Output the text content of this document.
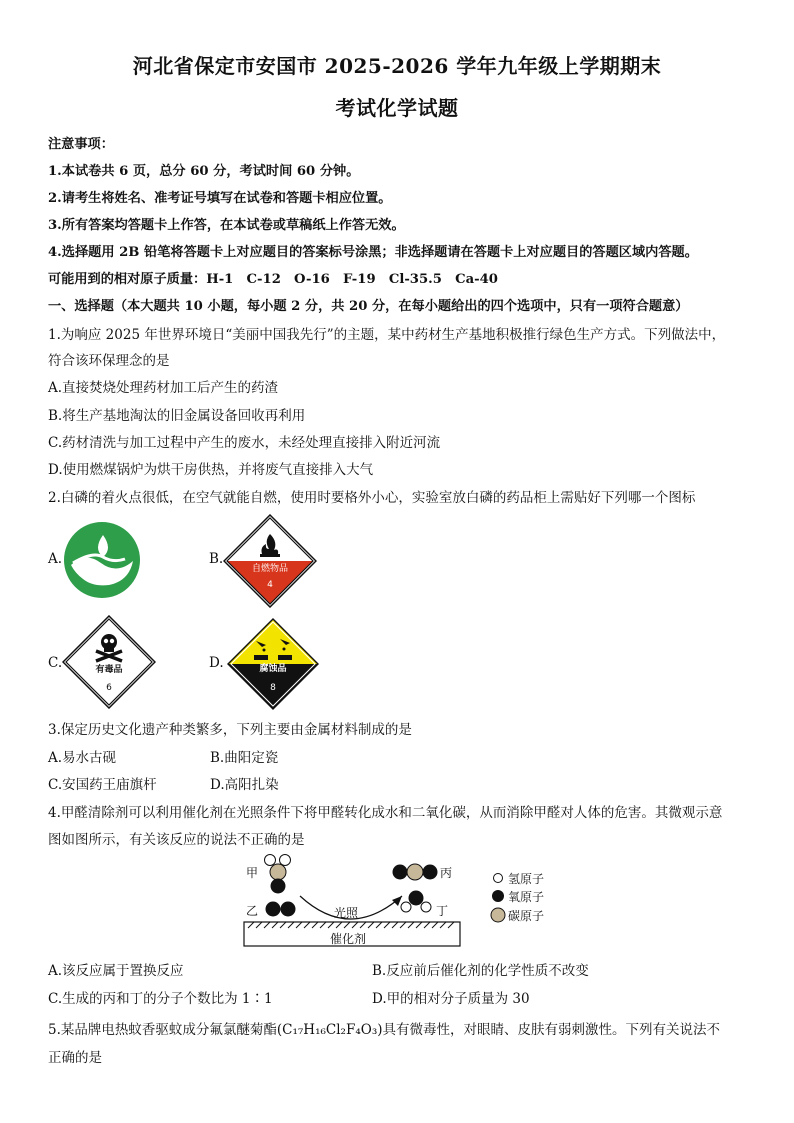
河北省保定市安国市 2025-2026 学年九年级上学期期末
考试化学试题
注意事项：
1.本试卷共 6 页，总分 60 分，考试时间 60 分钟。
2.请考生将姓名、准考证号填写在试卷和答题卡相应位置。
3.所有答案均答题卡上作答，在本试卷或草稿纸上作答无效。
4.选择题用 2B 铅笔将答题卡上对应题目的答案标号涂黑；非选择题请在答题卡上对应题目的答题区域内答题。
可能用到的相对原子质量：H-1　C-12　O-16　F-19　Cl-35.5　Ca-40
一、选择题（本大题共 10 小题，每小题 2 分，共 20 分，在每小题给出的四个选项中，只有一项符合题意）
1.为响应 2025 年世界环境日“美丽中国我先行”的主题，某中药材生产基地积极推行绿色生产方式。下列做法中，
符合该环保理念的是
A.直接焚烧处理药材加工后产生的药渣
B.将生产基地淘汰的旧金属设备回收再利用
C.药材清洗与加工过程中产生的废水，未经处理直接排入附近河流
D.使用燃煤锅炉为烘干房供热，并将废气直接排入大气
2.白磷的着火点很低，在空气就能自燃，使用时要格外小心，实验室放白磷的药品柜上需贴好下列哪一个图标
A.	B.
自燃物品
4
C.	有毒品
6
D.	腐蚀品
8
3.保定历史文化遗产种类繁多，下列主要由金属材料制成的是
A.易水古砚	B.曲阳定瓷
C.安国药王庙旗杆	D.高阳扎染
4.甲醛清除剂可以利用催化剂在光照条件下将甲醛转化成水和二氧化碳，从而消除甲醛对人体的危害。其微观示意
图如图所示，有关该反应的说法不正确的是
甲
乙
丙
丁
光照
催化剂
氢原子
氧原子
碳原子
A.该反应属于置换反应	B.反应前后催化剂的化学性质不改变
C.生成的丙和丁的分子个数比为 1∶1	D.甲的相对分子质量为 30
5.某品牌电热蚊香驱蚊成分氟氯醚菊酯(C₁₇H₁₆Cl₂F₄O₃)具有微毒性，对眼睛、皮肤有弱刺激性。下列有关说法不
正确的是
